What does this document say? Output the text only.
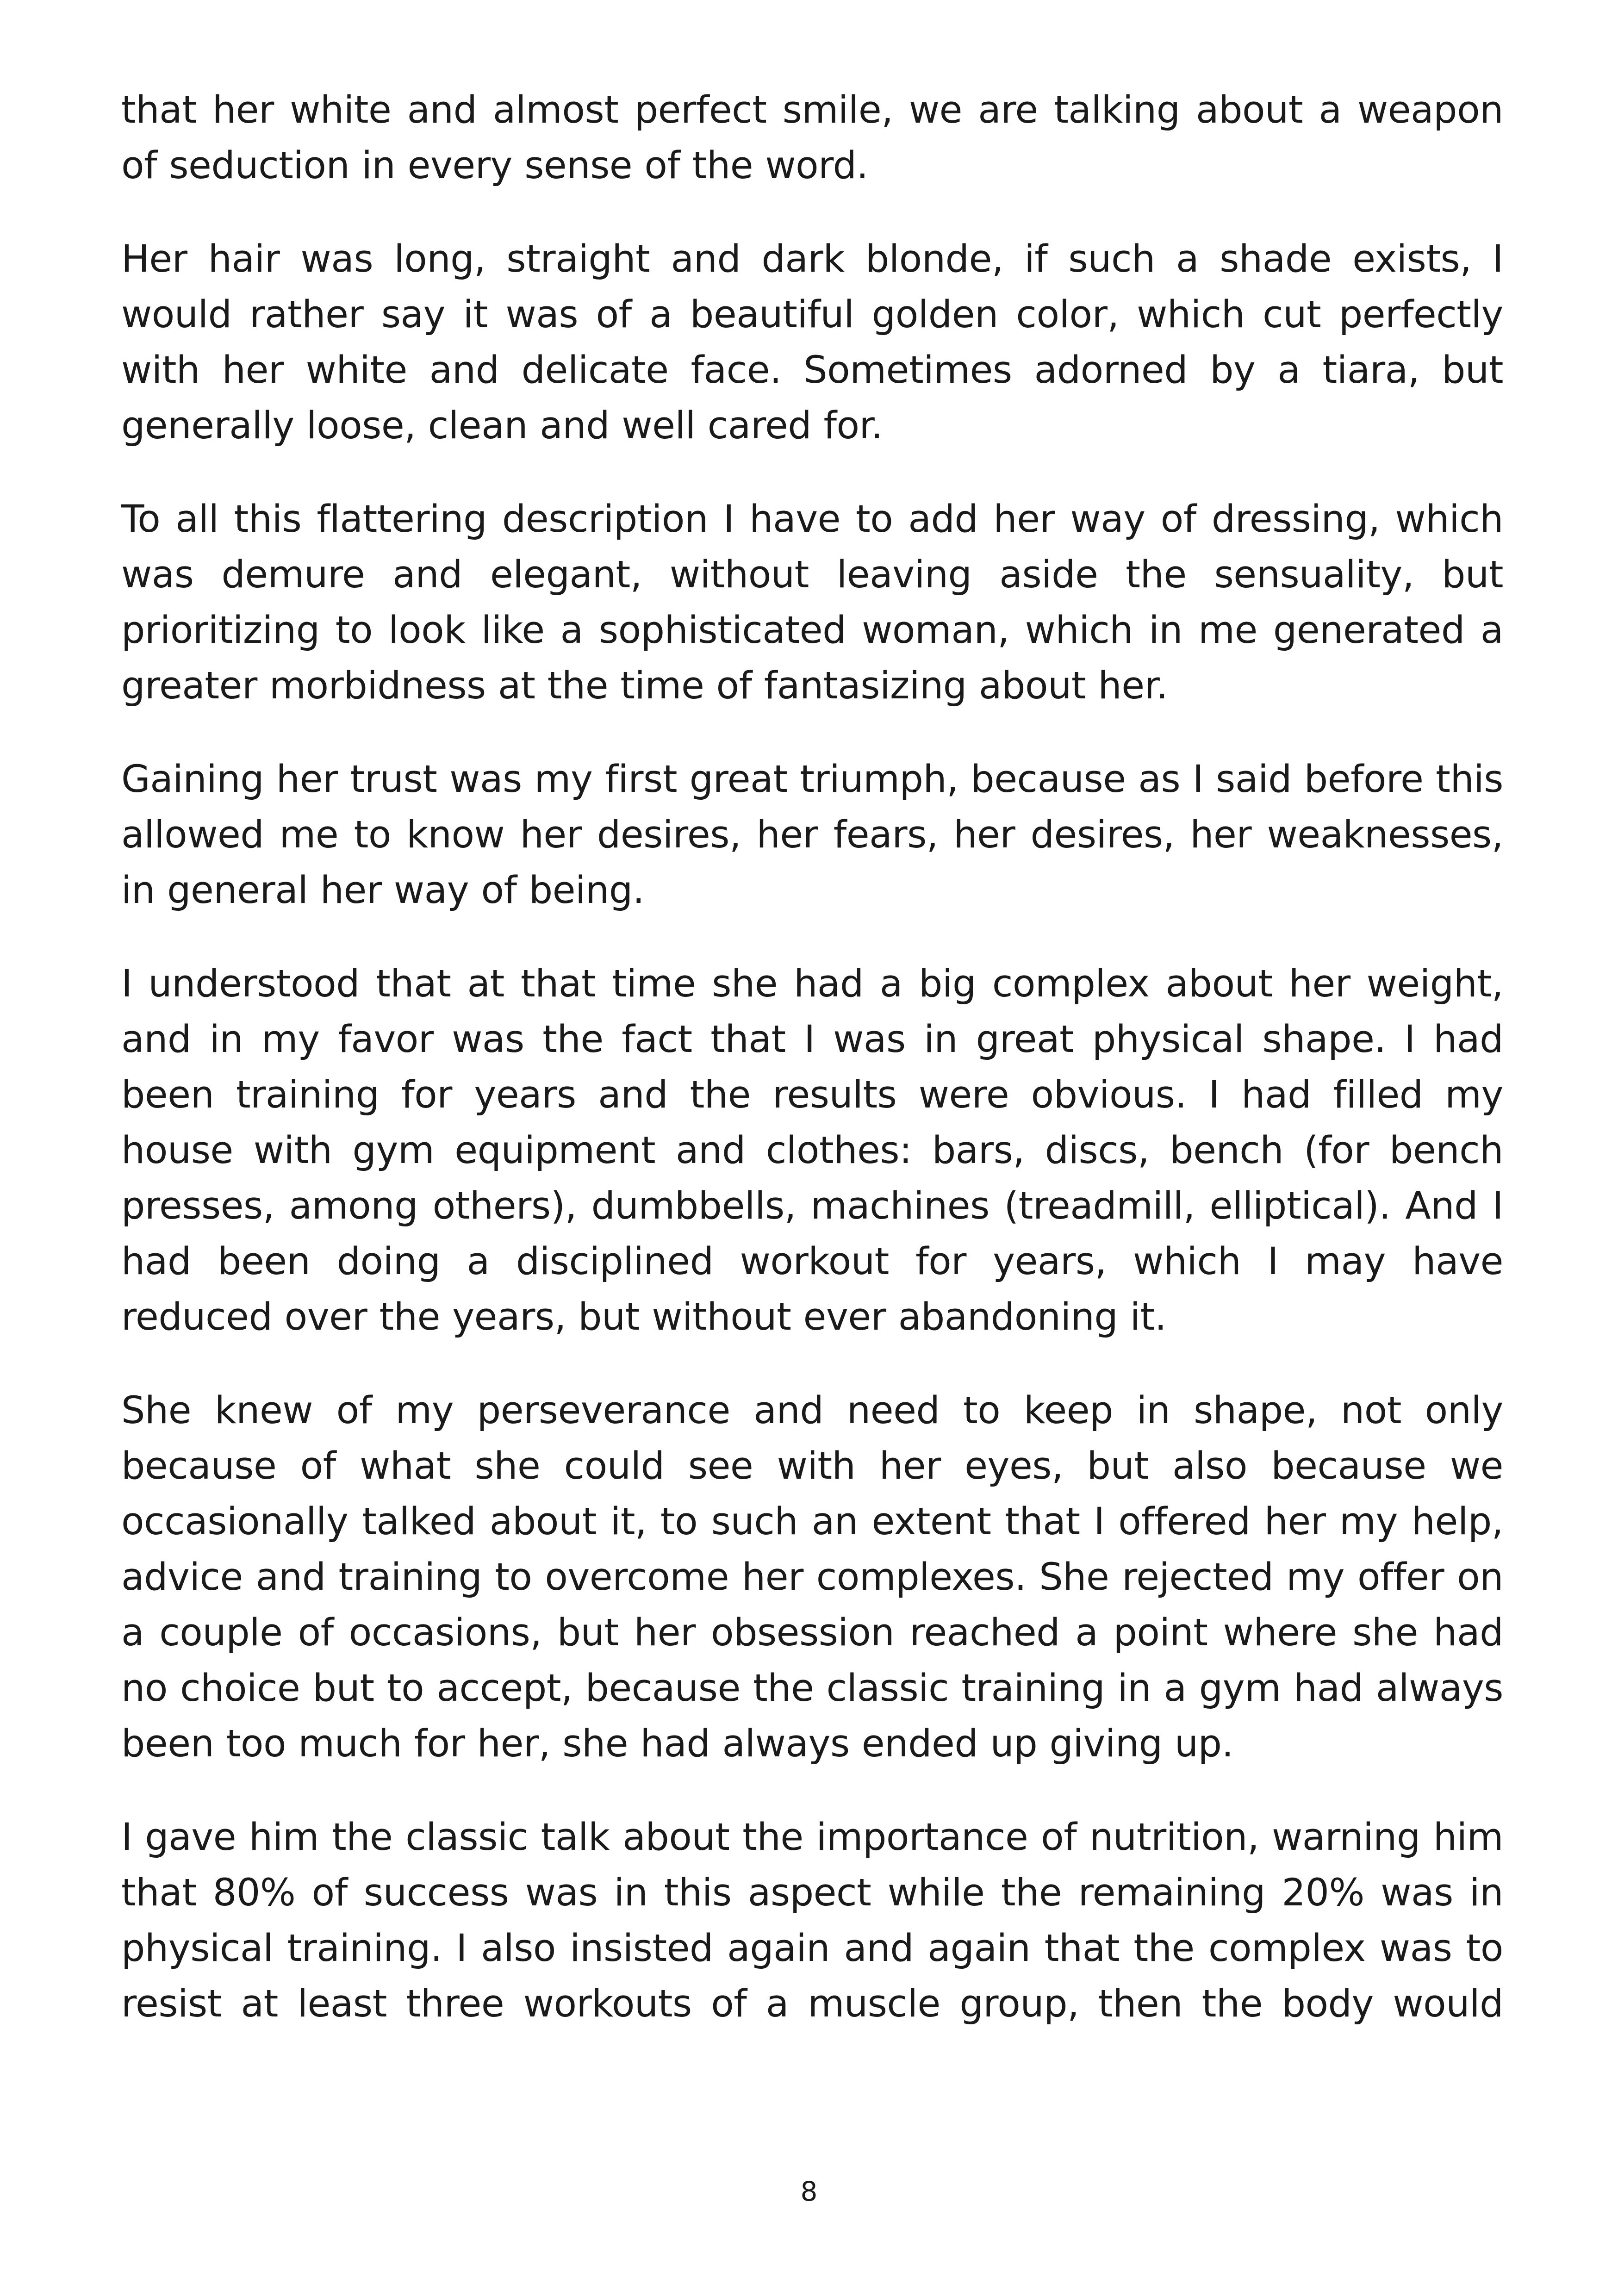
that her white and almost perfect smile, we are talking about a weapon of seduction in every sense of the word.

Her hair was long, straight and dark blonde, if such a shade exists, I would rather say it was of a beautiful golden color, which cut perfectly with her white and delicate face. Sometimes adorned by a tiara, but generally loose, clean and well cared for.

To all this flattering description I have to add her way of dressing, which was demure and elegant, without leaving aside the sensuality, but prioritizing to look like a sophisticated woman, which in me generated a greater morbidness at the time of fantasizing about her.

Gaining her trust was my first great triumph, because as I said before this allowed me to know her desires, her fears, her desires, her weaknesses, in general her way of being.

I understood that at that time she had a big complex about her weight, and in my favor was the fact that I was in great physical shape. I had been training for years and the results were obvious. I had filled my house with gym equipment and clothes: bars, discs, bench (for bench presses, among others), dumbbells, machines (treadmill, elliptical). And I had been doing a disciplined workout for years, which I may have reduced over the years, but without ever abandoning it.

She knew of my perseverance and need to keep in shape, not only because of what she could see with her eyes, but also because we occasionally talked about it, to such an extent that I offered her my help, advice and training to overcome her complexes. She rejected my offer on a couple of occasions, but her obsession reached a point where she had no choice but to accept, because the classic training in a gym had always been too much for her, she had always ended up giving up.

I gave him the classic talk about the importance of nutrition, warning him that 80% of success was in this aspect while the remaining 20% was in physical training. I also insisted again and again that the complex was to resist at least three workouts of a muscle group, then the body would

8
